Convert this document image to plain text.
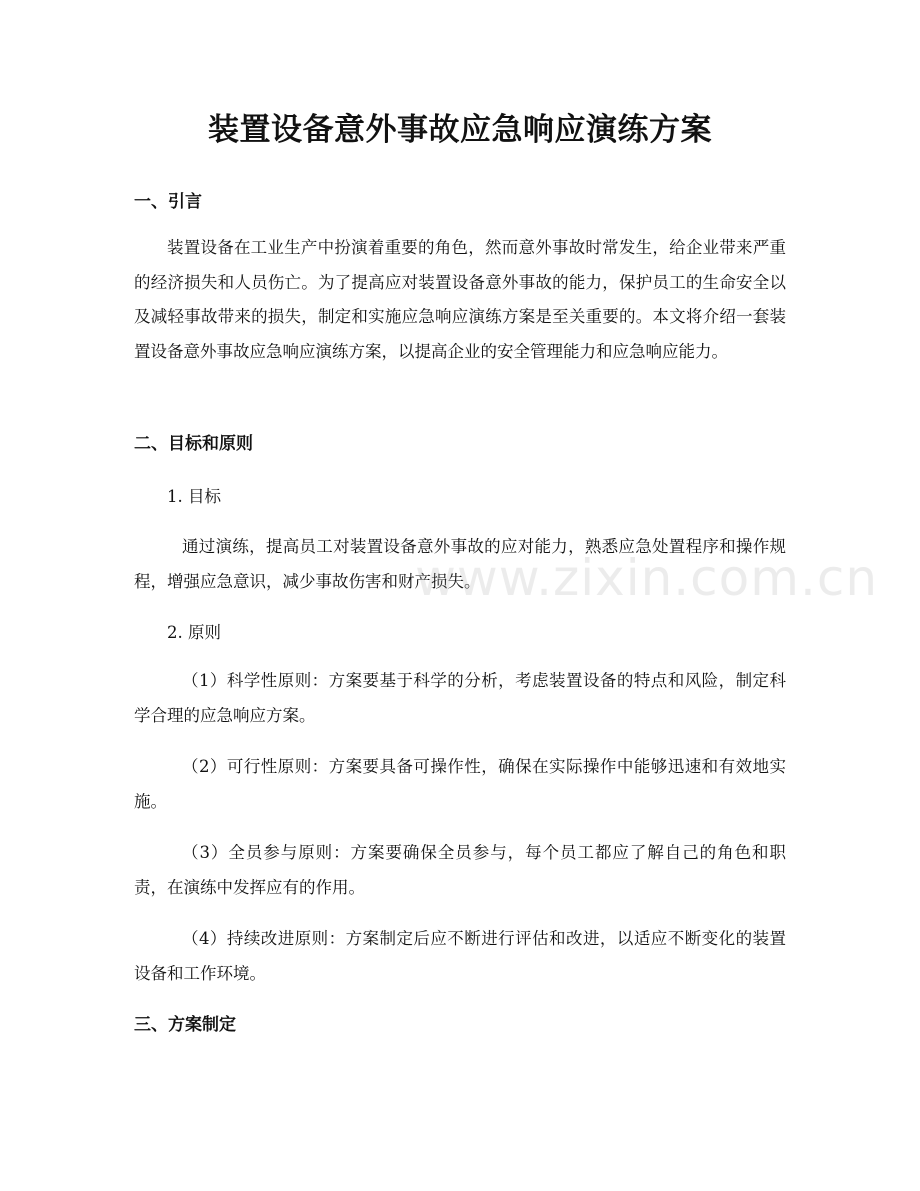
装置设备意外事故应急响应演练方案
一、引言

装置设备在工业生产中扮演着重要的角色，然而意外事故时常发生，给企业带来严重的经济损失和人员伤亡。为了提高应对装置设备意外事故的能力，保护员工的生命安全以及减轻事故带来的损失，制定和实施应急响应演练方案是至关重要的。本文将介绍一套装置设备意外事故应急响应演练方案，以提高企业的安全管理能力和应急响应能力。

二、目标和原则
1. 目标

通过演练，提高员工对装置设备意外事故的应对能力，熟悉应急处置程序和操作规程，增强应急意识，减少事故伤害和财产损失。

2. 原则

（1）科学性原则：方案要基于科学的分析，考虑装置设备的特点和风险，制定科学合理的应急响应方案。

（2）可行性原则：方案要具备可操作性，确保在实际操作中能够迅速和有效地实施。

（3）全员参与原则：方案要确保全员参与，每个员工都应了解自己的角色和职责，在演练中发挥应有的作用。

（4）持续改进原则：方案制定后应不断进行评估和改进，以适应不断变化的装置设备和工作环境。

三、方案制定
www.zixin.com.cn
